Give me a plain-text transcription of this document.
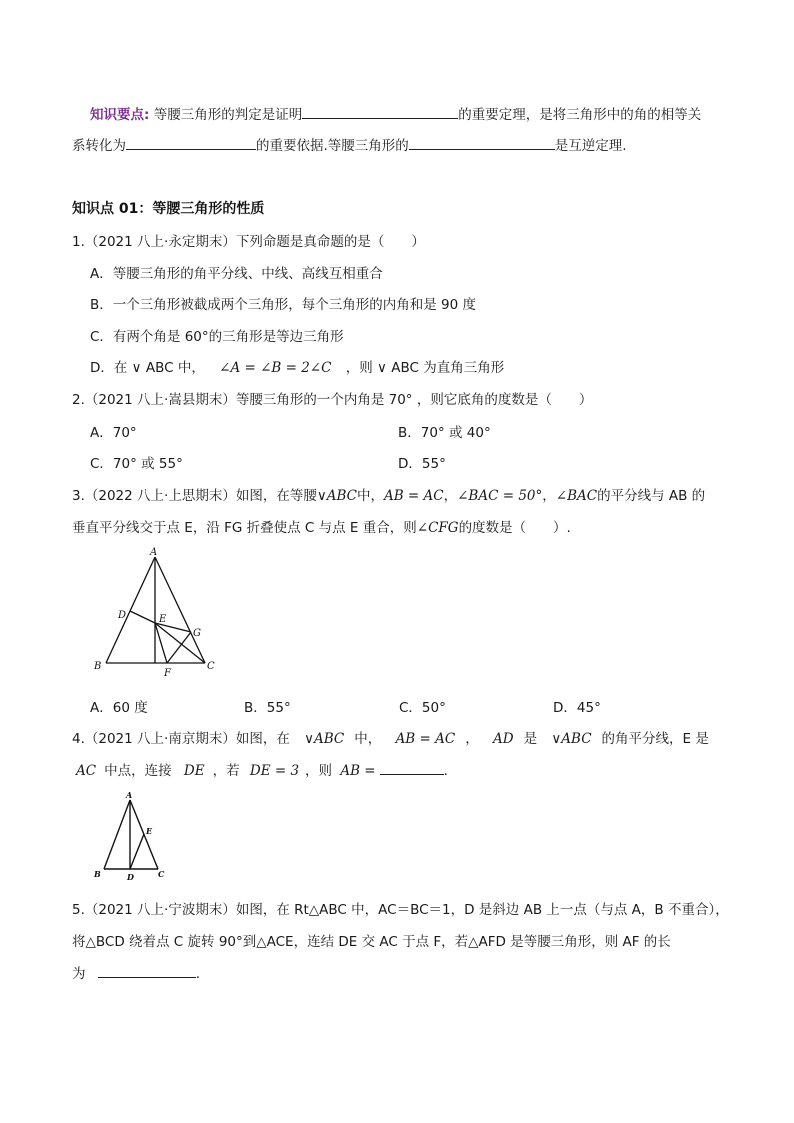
知识要点: 等腰三角形的判定是证明	的重要定理，是将三角形中的角的相等关
系转化为	的重要依据.等腰三角形的	是互逆定理.
知识点 01：等腰三角形的性质
1.（2021 八上·永定期末）下列命题是真命题的是（　　）
A．等腰三角形的角平分线、中线、高线互相重合
B．一个三角形被截成两个三角形，每个三角形的内角和是 90 度
C．有两个角是 60°的三角形是等边三角形
D．在 ∨ ABC 中， ∠A = ∠B = 2∠C ，则 ∨ ABC 为直角三角形
2.（2021 八上·嵩县期末）等腰三角形的一个内角是 70° ，则它底角的度数是（　　）
A．70°	B．70° 或 40°
C．70° 或 55°	D．55°
3.（2022 八上·上思期末）如图，在等腰∨ABC中，AB = AC，∠BAC = 50°，∠BAC的平分线与 AB 的
垂直平分线交于点 E，沿 FG 折叠使点 C 与点 E 重合，则∠CFG的度数是（　　）.
A
B	C
D	E
F
G
A．60 度	B．55°	C．50°	D．45°
4.（2021 八上·南京期末）如图，在 ∨ABC 中， AB = AC ， AD 是 ∨ABC 的角平分线，E 是
AC 中点，连接 DE ，若 DE = 3 ，则 AB =	.
A
B	C
D
E
5.（2021 八上·宁波期末）如图，在 Rt△ABC 中，AC＝BC＝1，D 是斜边 AB 上一点（与点 A，B 不重合），
将△BCD 绕着点 C 旋转 90°到△ACE，连结 DE 交 AC 于点 F，若△AFD 是等腰三角形，则 AF 的长
为	.
